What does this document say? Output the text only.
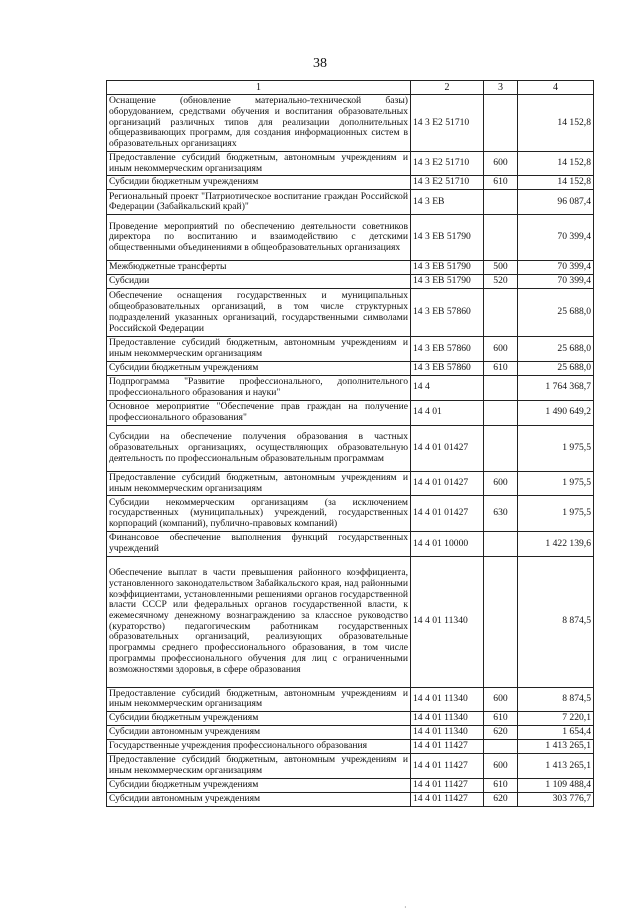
38
1	2	3	4
Оснащение (обновление материально-технической базы) оборудованием, средствами обучения и воспитания образовательных организаций различных типов для реализации дополнительных общеразвивающих программ, для создания информационных систем в образовательных организациях	14 3 E2 51710		14 152,8
Предоставление субсидий бюджетным, автономным учреждениям и иным некоммерческим организациям	14 3 E2 51710	600	14 152,8
Субсидии бюджетным учреждениям	14 3 E2 51710	610	14 152,8
Региональный проект "Патриотическое воспитание граждан Российской Федерации (Забайкальский край)"	14 3 EB		96 087,4
Проведение мероприятий по обеспечению деятельности советников директора по воспитанию и взаимодействию с детскими общественными объединениями в общеобразовательных организациях	14 3 EB 51790		70 399,4
Межбюджетные трансферты	14 3 EB 51790	500	70 399,4
Субсидии	14 3 EB 51790	520	70 399,4
Обеспечение оснащения государственных и муниципальных общеобразовательных организаций, в том числе структурных подразделений указанных организаций, государственными символами Российской Федерации	14 3 EB 57860		25 688,0
Предоставление субсидий бюджетным, автономным учреждениям и иным некоммерческим организациям	14 3 EB 57860	600	25 688,0
Субсидии бюджетным учреждениям	14 3 EB 57860	610	25 688,0
Подпрограмма "Развитие профессионального, дополнительного профессионального образования и науки"	14 4		1 764 368,7
Основное мероприятие "Обеспечение прав граждан на получение профессионального образования"	14 4 01		1 490 649,2
Субсидии на обеспечение получения образования в частных образовательных организациях, осуществляющих образовательную деятельность по профессиональным образовательным программам	14 4 01 01427		1 975,5
Предоставление субсидий бюджетным, автономным учреждениям и иным некоммерческим организациям	14 4 01 01427	600	1 975,5
Субсидии некоммерческим организациям (за исключением государственных (муниципальных) учреждений, государственных корпораций (компаний), публично-правовых компаний)	14 4 01 01427	630	1 975,5
Финансовое обеспечение выполнения функций государственных учреждений	14 4 01 10000		1 422 139,6
Обеспечение выплат в части превышения районного коэффициента, установленного законодательством Забайкальского края, над районными коэффициентами, установленными решениями органов государственной власти СССР или федеральных органов государственной власти, к ежемесячному денежному вознаграждению за классное руководство (кураторство) педагогическим работникам государственных образовательных организаций, реализующих образовательные программы среднего профессионального образования, в том числе программы профессионального обучения для лиц с ограниченными возможностями здоровья, в сфере образования	14 4 01 11340		8 874,5
Предоставление субсидий бюджетным, автономным учреждениям и иным некоммерческим организациям	14 4 01 11340	600	8 874,5
Субсидии бюджетным учреждениям	14 4 01 11340	610	7 220,1
Субсидии автономным учреждениям	14 4 01 11340	620	1 654,4
Государственные учреждения профессионального образования	14 4 01 11427		1 413 265,1
Предоставление субсидий бюджетным, автономным учреждениям и иным некоммерческим организациям	14 4 01 11427	600	1 413 265,1
Субсидии бюджетным учреждениям	14 4 01 11427	610	1 109 488,4
Субсидии автономным учреждениям	14 4 01 11427	620	303 776,7
·
